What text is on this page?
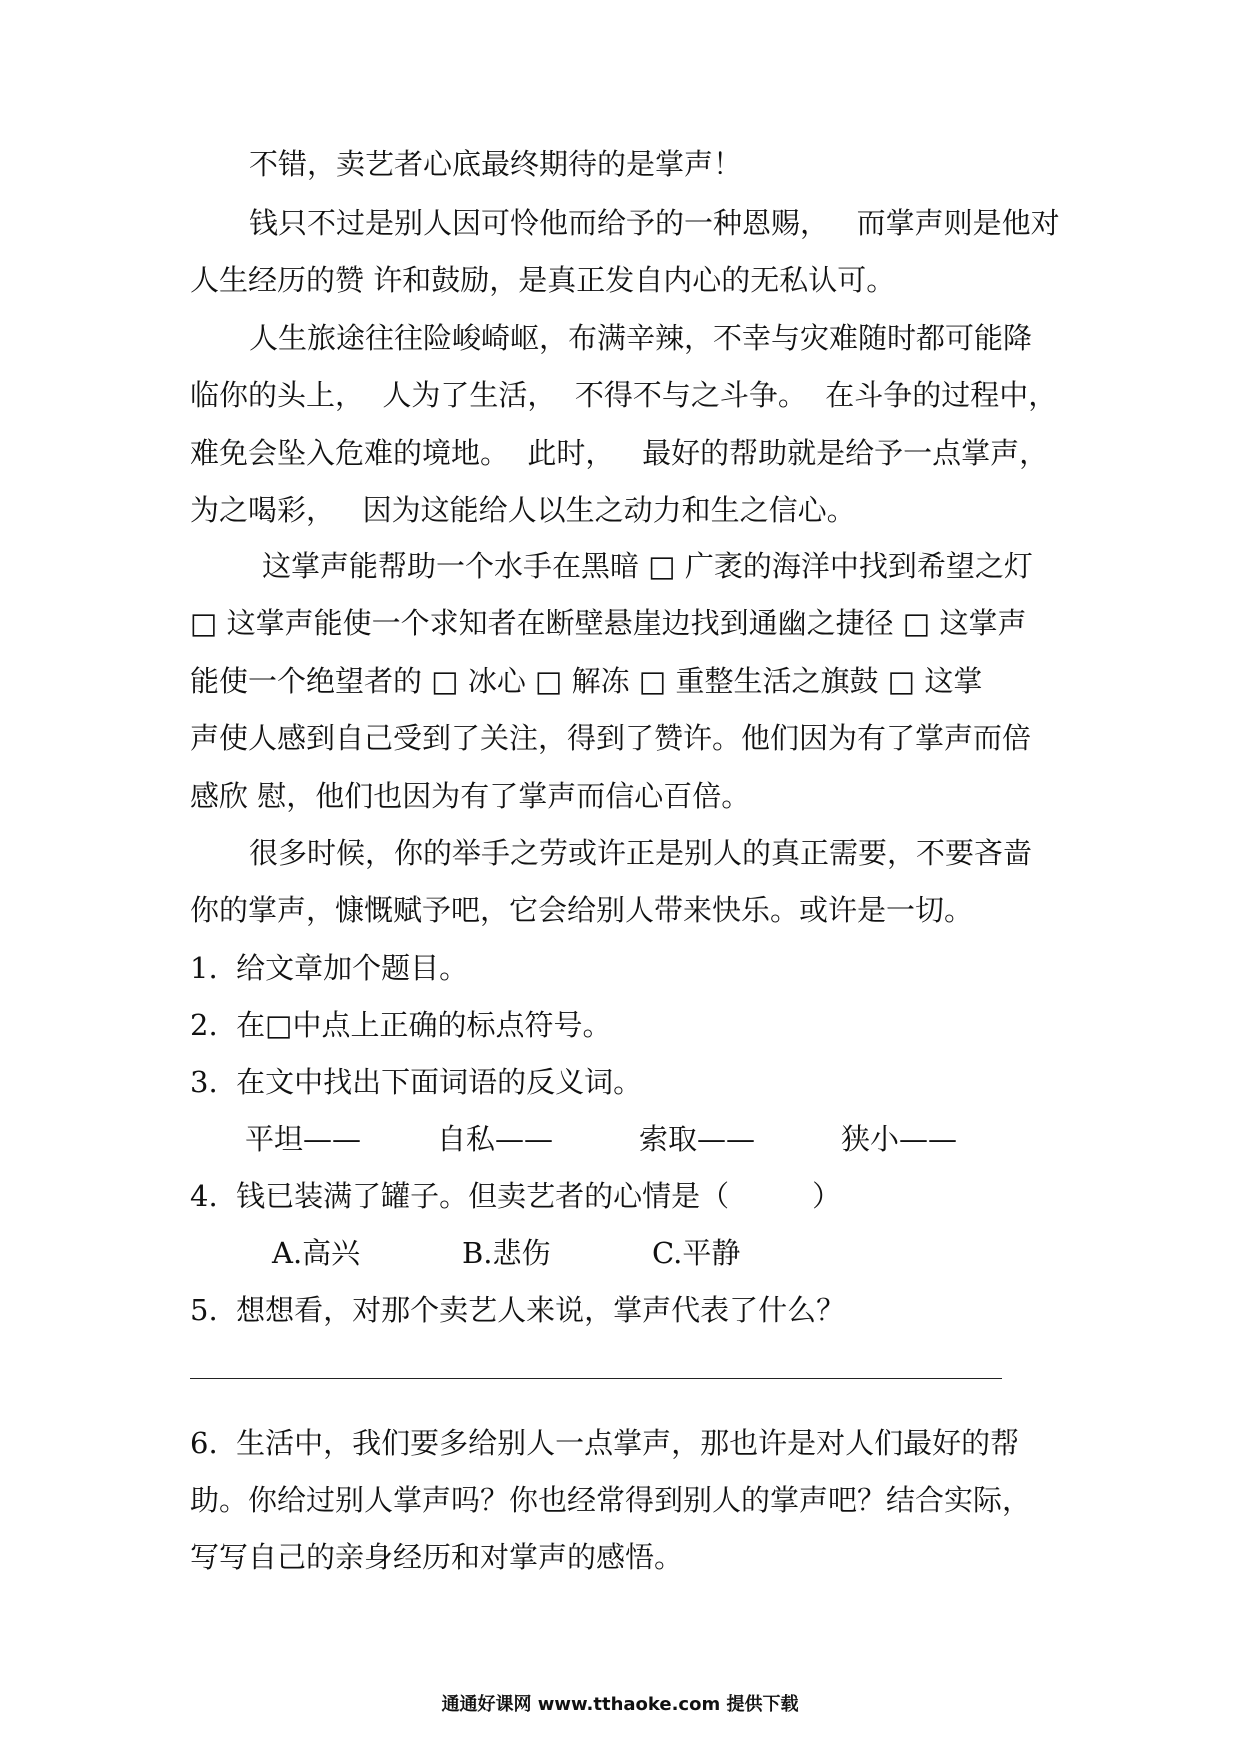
不错，卖艺者心底最终期待的是掌声！
钱只不过是别人因可怜他而给予的一种恩赐，   而掌声则是他对
人生经历的赞 许和鼓励，是真正发自内心的无私认可。
人生旅途往往险峻崎岖，布满辛辣，不幸与灾难随时都可能降
临你的头上，  人为了生活，  不得不与之斗争。  在斗争的过程中，
难免会坠入危难的境地。  此时，   最好的帮助就是给予一点掌声，
为之喝彩，   因为这能给人以生之动力和生之信心。
这掌声能帮助一个水手在黑暗 □ 广袤的海洋中找到希望之灯
□ 这掌声能使一个求知者在断壁悬崖边找到通幽之捷径 □ 这掌声
能使一个绝望者的 □ 冰心 □ 解冻 □ 重整生活之旗鼓 □ 这掌
声使人感到自己受到了关注，得到了赞许。他们因为有了掌声而倍
感欣 慰，他们也因为有了掌声而信心百倍。
很多时候，你的举手之劳或许正是别人的真正需要，不要吝啬
你的掌声，慷慨赋予吧，它会给别人带来快乐。或许是一切。
1.  给文章加个题目。
2.  在□中点上正确的标点符号。
3.  在文中找出下面词语的反义词。
平坦——	自私——	索取——	狭小——
4.  钱已装满了罐子。但卖艺者的心情是（         ）
A.高兴	B.悲伤	C.平静
5.  想想看，对那个卖艺人来说，掌声代表了什么？
6.  生活中，我们要多给别人一点掌声，那也许是对人们最好的帮
助。你给过别人掌声吗？你也经常得到别人的掌声吧？结合实际，
写写自己的亲身经历和对掌声的感悟。
通通好课网 www.tthaoke.com 提供下载
